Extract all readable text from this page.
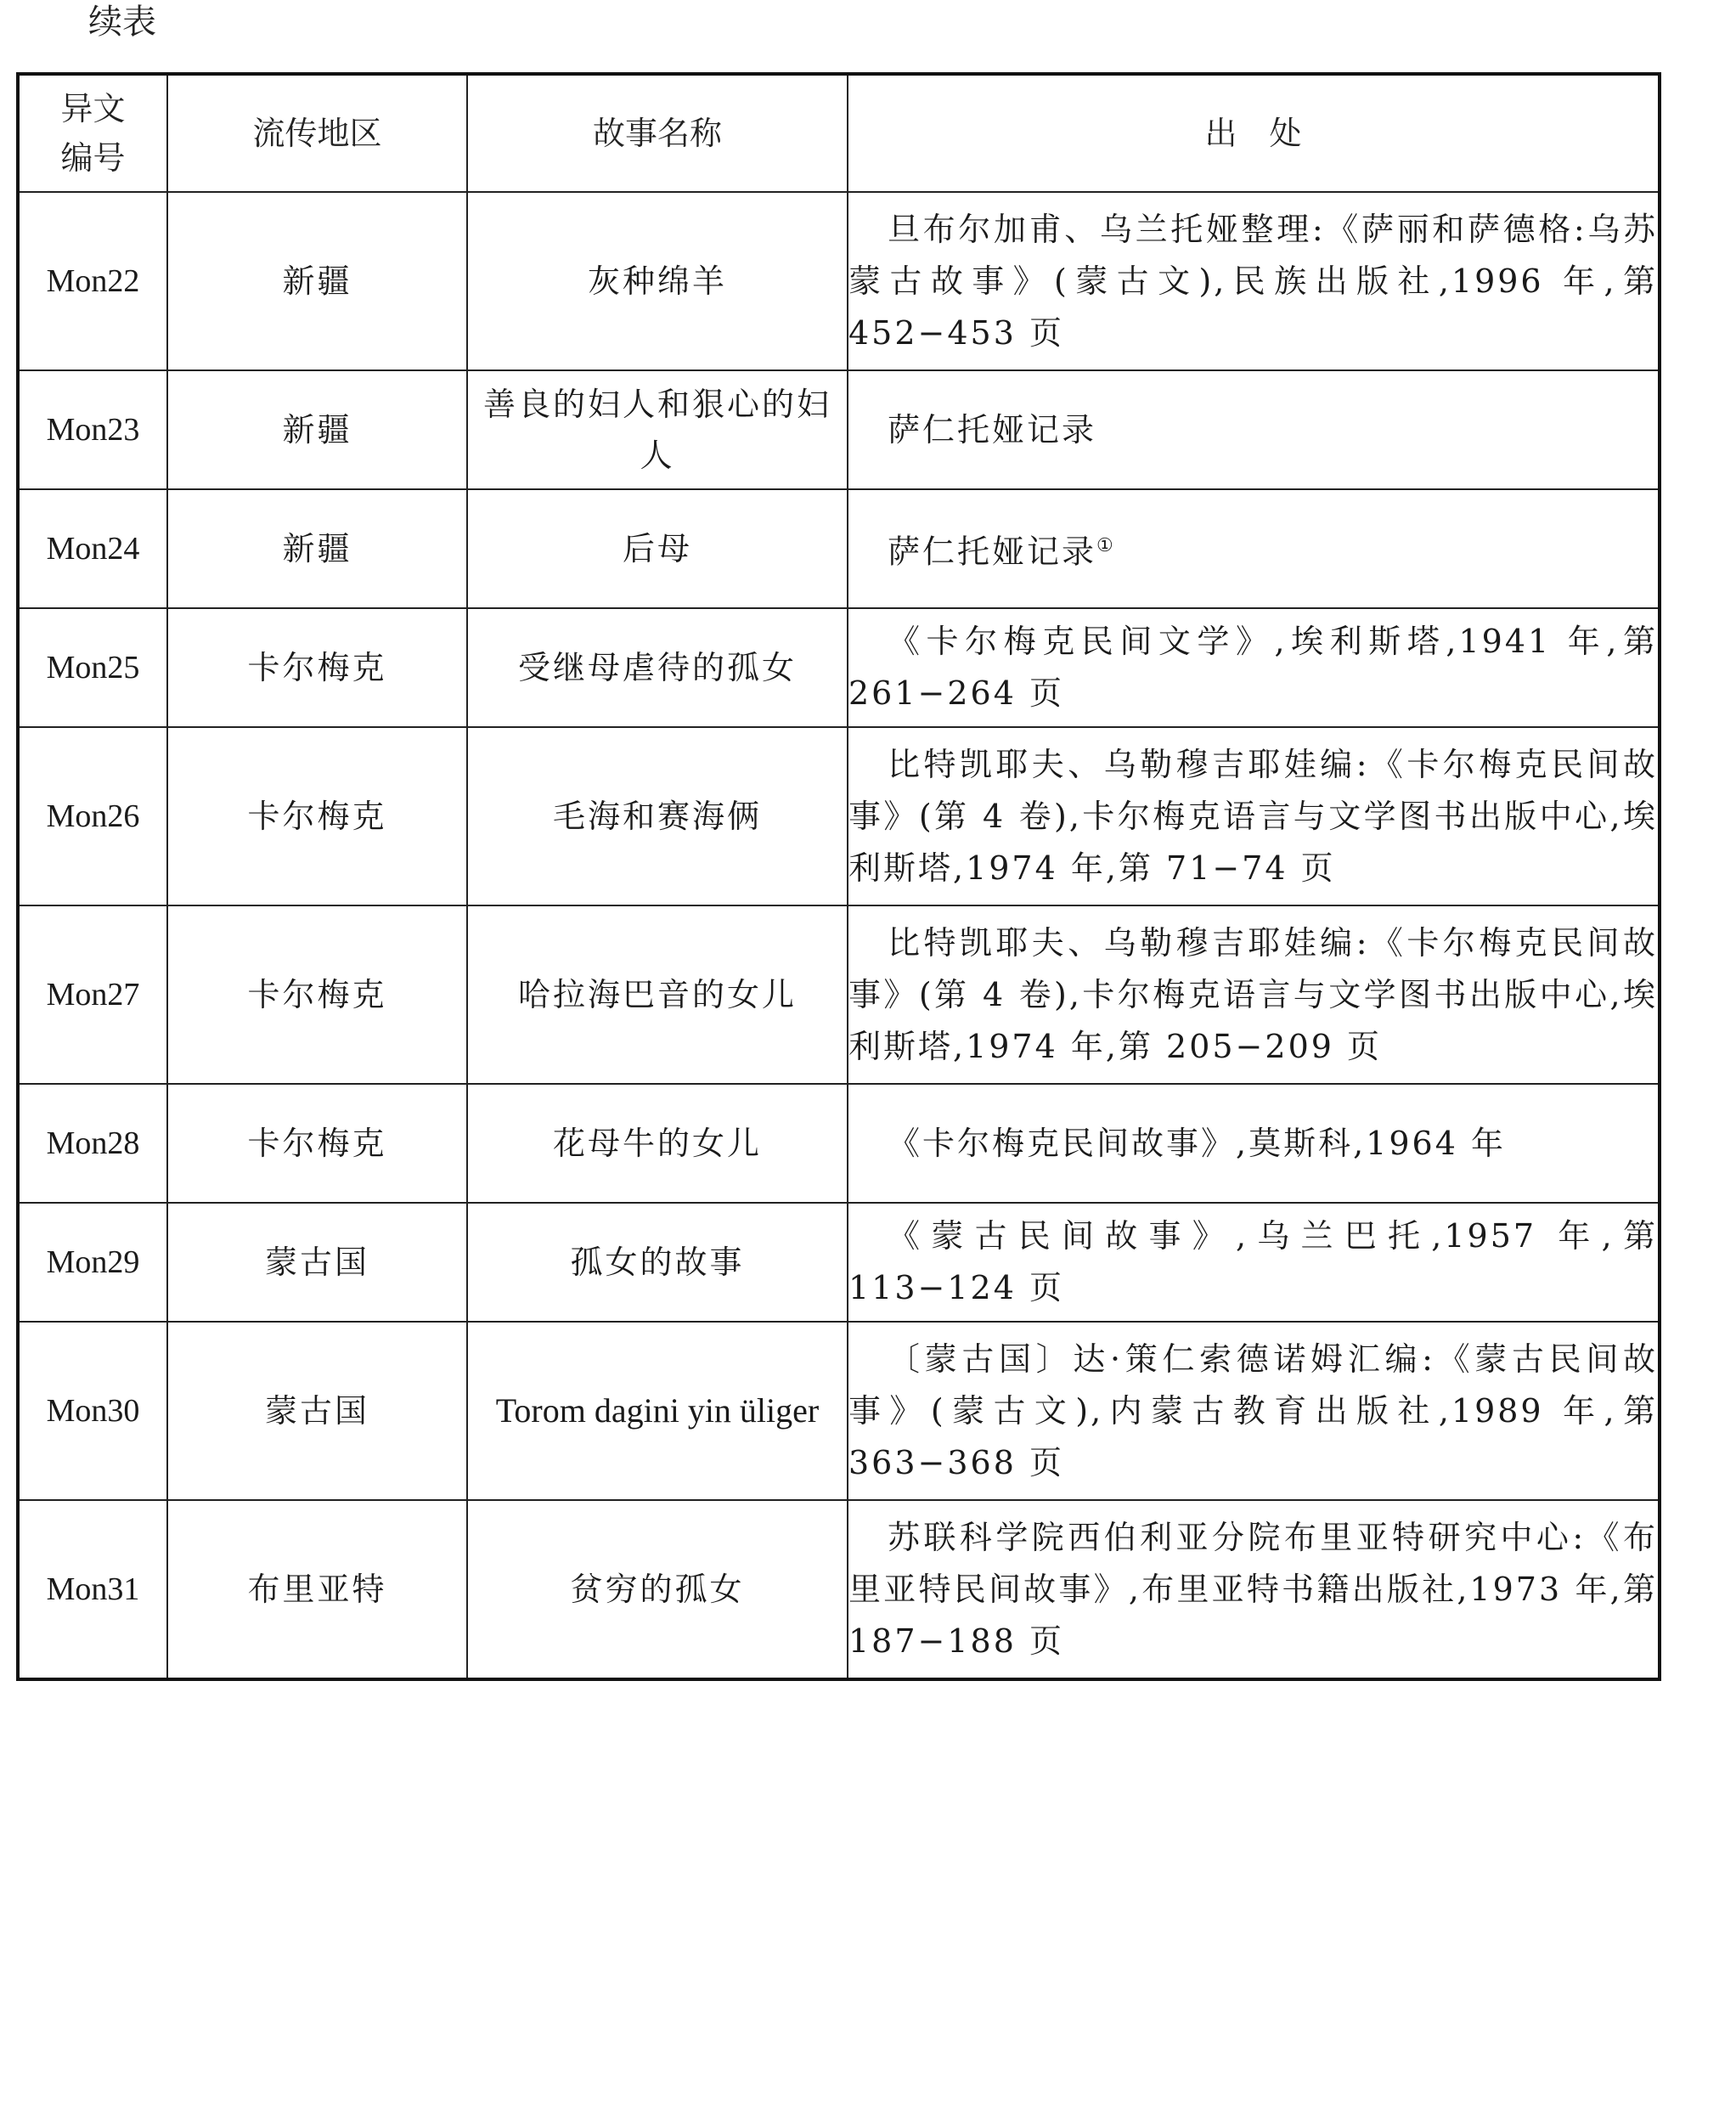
续表
异文
编号	流传地区	故事名称	出　处
Mon22	新疆	灰种绵羊	旦布尔加甫、乌兰托娅整理:《萨丽和萨德格:乌苏蒙古故事》(蒙古文),民族出版社,1996 年,第 452−453 页
Mon23	新疆	善良的妇人和狠心的妇人	萨仁托娅记录
Mon24	新疆	后母	萨仁托娅记录①
Mon25	卡尔梅克	受继母虐待的孤女	《卡尔梅克民间文学》,埃利斯塔,1941 年,第 261−264 页
Mon26	卡尔梅克	毛海和赛海俩	比特凯耶夫、乌勒穆吉耶娃编:《卡尔梅克民间故事》(第 4 卷),卡尔梅克语言与文学图书出版中心,埃利斯塔,1974 年,第 71−74 页
Mon27	卡尔梅克	哈拉海巴音的女儿	比特凯耶夫、乌勒穆吉耶娃编:《卡尔梅克民间故事》(第 4 卷),卡尔梅克语言与文学图书出版中心,埃利斯塔,1974 年,第 205−209 页
Mon28	卡尔梅克	花母牛的女儿	《卡尔梅克民间故事》,莫斯科,1964 年
Mon29	蒙古国	孤女的故事	《蒙古民间故事》,乌兰巴托,1957 年,第 113−124 页
Mon30	蒙古国	Torom dagini yin üliger	〔蒙古国〕达·策仁索德诺姆汇编:《蒙古民间故事》(蒙古文),内蒙古教育出版社,1989 年,第 363−368 页
Mon31	布里亚特	贫穷的孤女	苏联科学院西伯利亚分院布里亚特研究中心:《布里亚特民间故事》,布里亚特书籍出版社,1973 年,第 187−188 页
